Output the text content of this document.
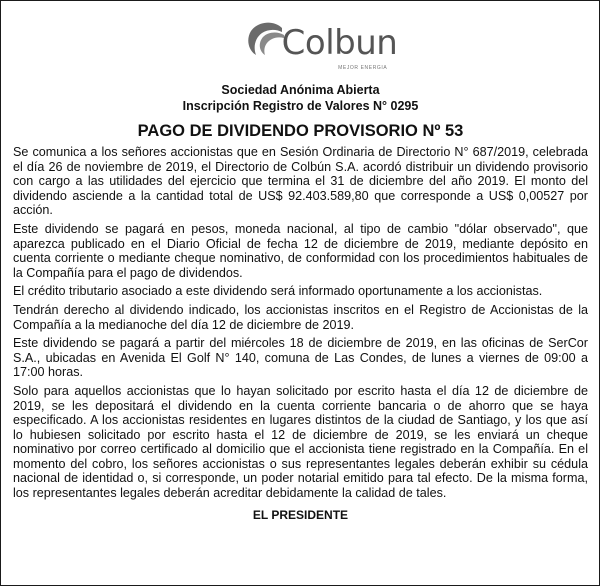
Colbun
MEJOR ENERGIA
Sociedad Anónima Abierta
Inscripción Registro de Valores N° 0295
PAGO DE DIVIDENDO PROVISORIO Nº 53

Se comunica a los señores accionistas que en Sesión Ordinaria de Directorio N° 687/2019, celebrada el día 26 de noviembre de 2019, el Directorio de Colbún S.A. acordó distribuir un dividendo provisorio con cargo a las utilidades del ejercicio que termina el 31 de diciembre del año 2019. El monto del dividendo asciende a la cantidad total de US$ 92.403.589,80 que corresponde a US$ 0,00527 por acción.

Este dividendo se pagará en pesos, moneda nacional, al tipo de cambio "dólar observado", que aparezca publicado en el Diario Oficial de fecha 12 de diciembre de 2019, mediante depósito en cuenta corriente o mediante cheque nominativo, de conformidad con los procedimientos habituales de la Compañía para el pago de dividendos.

El crédito tributario asociado a este dividendo será informado oportunamente a los accionistas.

Tendrán derecho al dividendo indicado, los accionistas inscritos en el Registro de Accionistas de la Compañía a la medianoche del día 12 de diciembre de 2019.

Este dividendo se pagará a partir del miércoles 18 de diciembre de 2019, en las oficinas de SerCor S.A., ubicadas en Avenida El Golf N° 140, comuna de Las Condes, de lunes a viernes de 09:00 a 17:00 horas.

Solo para aquellos accionistas que lo hayan solicitado por escrito hasta el día 12 de diciembre de 2019, se les depositará el dividendo en la cuenta corriente bancaria o de ahorro que se haya especificado. A los accionistas residentes en lugares distintos de la ciudad de Santiago, y los que así lo hubiesen solicitado por escrito hasta el 12 de diciembre de 2019, se les enviará un cheque nominativo por correo certificado al domicilio que el accionista tiene registrado en la Compañía. En el momento del cobro, los señores accionistas o sus representantes legales deberán exhibir su cédula nacional de identidad o, si corresponde, un poder notarial emitido para tal efecto. De la misma forma, los representantes legales deberán acreditar debidamente la calidad de tales.

EL PRESIDENTE
